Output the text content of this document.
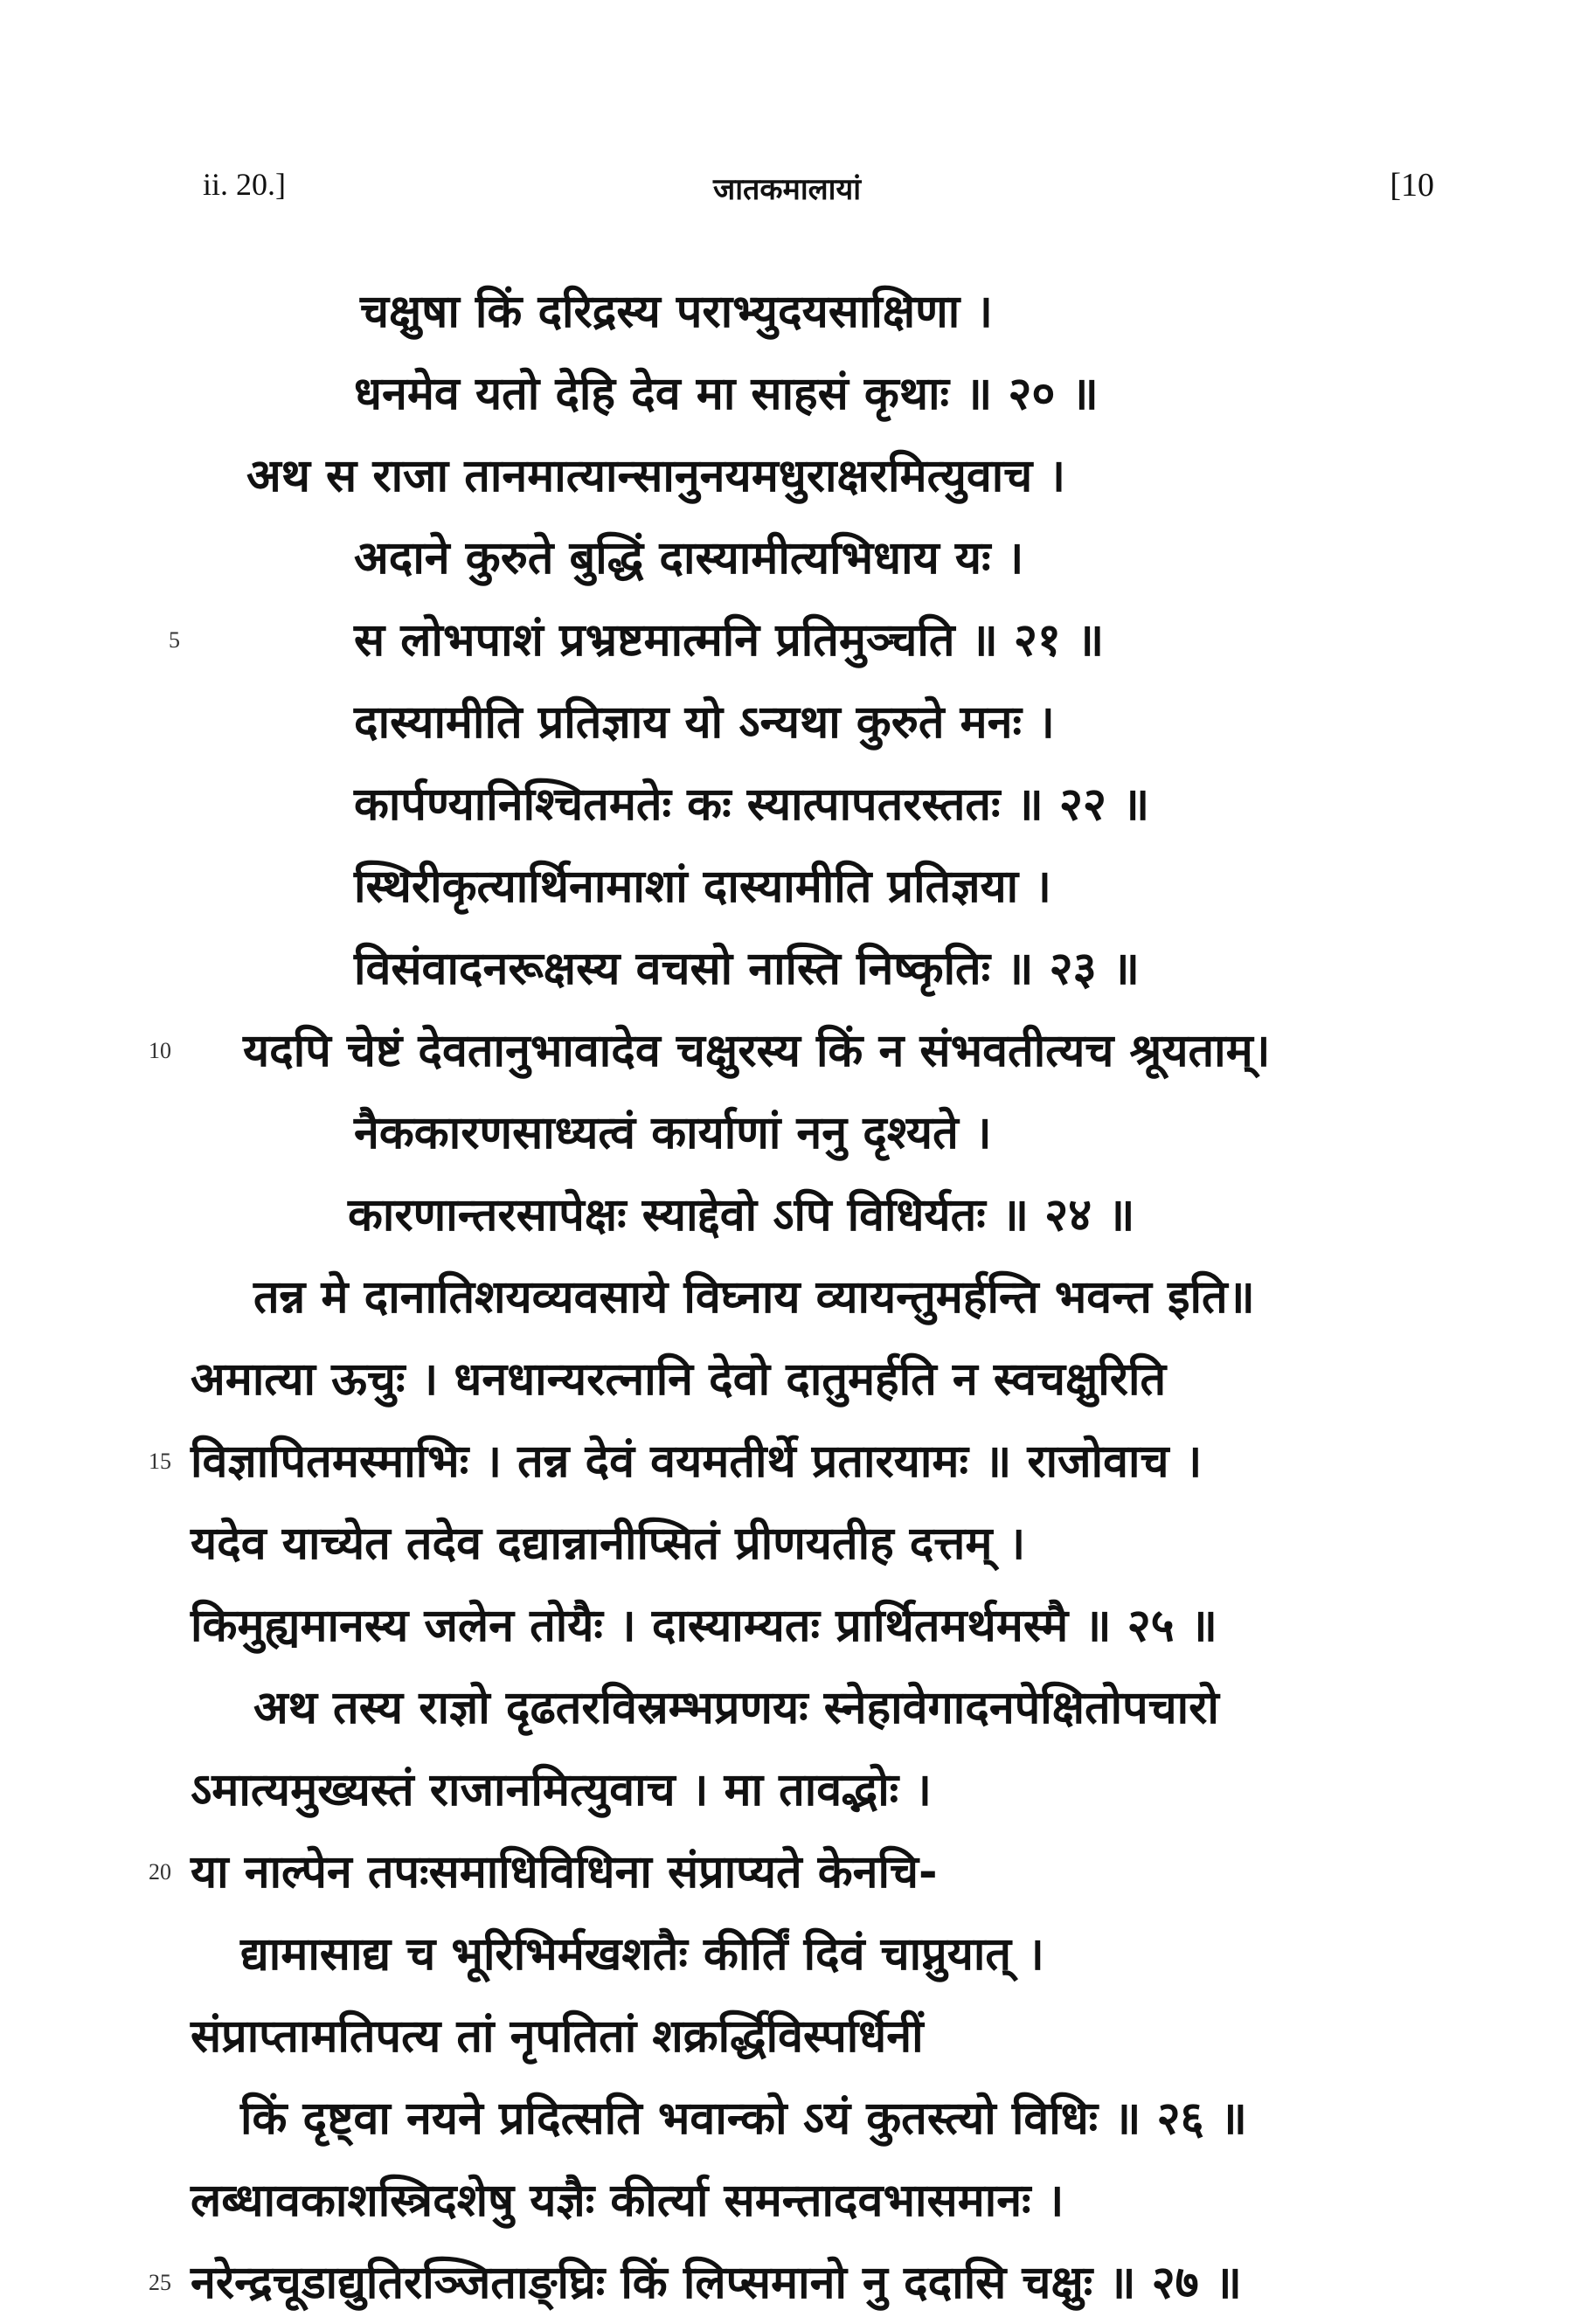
ii. 20.]	जातकमालायां	[10
चक्षुषा किं दरिद्रस्य पराभ्युदयसाक्षिणा ।
धनमेव यतो देहि देव मा साहसं कृथाः ॥ २० ॥
अथ स राजा तानमात्यान्सानुनयमधुराक्षरमित्युवाच ।
अदाने कुरुते बुद्धिं दास्यामीत्यभिधाय यः ।
स लोभपाशं प्रभ्रष्टमात्मनि प्रतिमुञ्चति ॥ २१ ॥
दास्यामीति प्रतिज्ञाय यो ऽन्यथा कुरुते मनः ।
कार्पण्यानिश्चितमतेः कः स्यात्पापतरस्ततः ॥ २२ ॥
स्थिरीकृत्यार्थिनामाशां दास्यामीति प्रतिज्ञया ।
विसंवादनरूक्षस्य वचसो नास्ति निष्कृतिः ॥ २३ ॥
यदपि चेष्टं देवतानुभावादेव चक्षुरस्य किं न संभवतीत्यच श्रूयताम्।
नैककारणसाध्यत्वं कार्याणां ननु दृश्यते ।
कारणान्तरसापेक्षः स्याद्देवो ऽपि विधिर्यतः ॥ २४ ॥
तन्न मे दानातिशयव्यवसाये विघ्नाय व्यायन्तुमर्हन्ति भवन्त इति॥
अमात्या ऊचुः । धनधान्यरत्नानि देवो दातुमर्हति न स्वचक्षुरिति
विज्ञापितमस्माभिः । तन्न देवं वयमतीर्थे प्रतारयामः ॥ राजोवाच ।
यदेव याच्येत तदेव दद्यान्नानीप्सितं प्रीणयतीह दत्तम् ।
किमुह्यमानस्य जलेन तोयैः । दास्याम्यतः प्रार्थितमर्थमस्मै ॥ २५ ॥
अथ तस्य राज्ञो दृढतरविस्रम्भप्रणयः स्नेहावेगादनपेक्षितोपचारो
ऽमात्यमुख्यस्तं राजानमित्युवाच । मा तावद्भोः ।
या नाल्पेन तपःसमाधिविधिना संप्राप्यते केनचि-
द्यामासाद्य च भूरिभिर्मखशतैः कीर्तिं दिवं चाप्नुयात् ।
संप्राप्तामतिपत्य तां नृपतितां शक्रर्द्धिविस्पर्धिनीं
किं दृष्ट्वा नयने प्रदित्सति भवान्को ऽयं कुतस्त्यो विधिः ॥ २६ ॥
लब्धावकाशस्त्रिदशेषु यज्ञैः कीर्त्या समन्तादवभासमानः ।
नरेन्द्रचूडाद्युतिरञ्जिताङ्घ्रिः किं लिप्समानो नु ददासि चक्षुः ॥ २७ ॥
5
10
15
20
25
